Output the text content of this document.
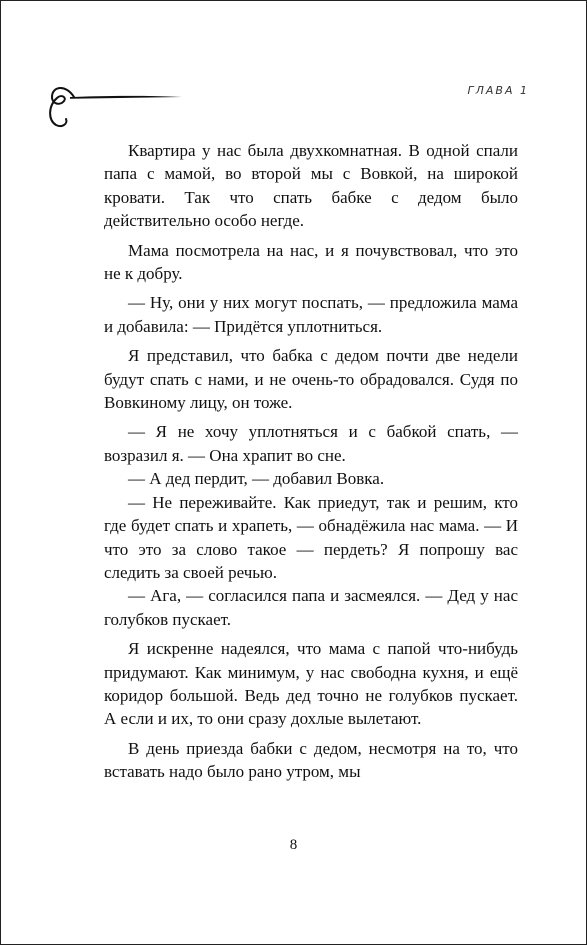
ГЛАВА 1

Квартира у нас была двухкомнатная. В одной спали папа с мамой, во второй мы с Вовкой, на широкой кровати. Так что спать бабке с дедом было действительно особо негде.

Мама посмотрела на нас, и я почувствовал, что это не к добру.

— Ну, они у них могут поспать, — предложила мама и добавила: — Придётся уплотниться.

Я представил, что бабка с дедом почти две недели будут спать с нами, и не очень-то обрадовался. Судя по Вовкиному лицу, он тоже.

— Я не хочу уплотняться и с бабкой спать, — возразил я. — Она храпит во сне.

— А дед пердит, — добавил Вовка.

— Не переживайте. Как приедут, так и решим, кто где будет спать и храпеть, — обнадёжила нас мама. — И что это за слово такое — пердеть? Я попрошу вас следить за своей речью.

— Ага, — согласился папа и засмеялся. — Дед у нас голубков пускает.

Я искренне надеялся, что мама с папой что-нибудь придумают. Как минимум, у нас свободна кухня, и ещё коридор большой. Ведь дед точно не голубков пускает. А если и их, то они сразу дохлые вылетают.

В день приезда бабки с дедом, несмотря на то, что вставать надо было рано утром, мы

8
